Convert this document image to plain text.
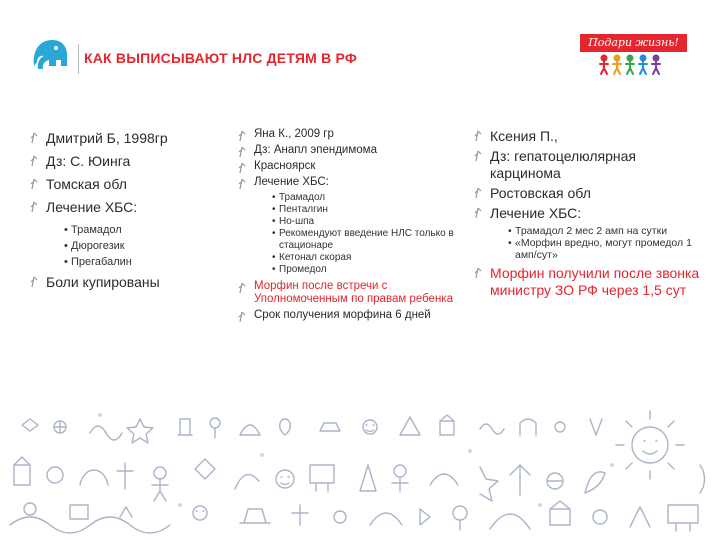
КАК ВЫПИСЫВАЮТ НЛС ДЕТЯМ В РФ
Подари жизнь!
Дмитрий Б, 1998гр
Дз: С. Юинга
Томская обл
Лечение ХБС:
• Трамадол
• Дюрогезик
• Прегабалин
Боли купированы
Яна К., 2009 гр
Дз: Анапл эпендимома
Красноярск
Лечение ХБС:
• Трамадол
• Пенталгин
• Но-шпа
• Рекомендуют введение НЛС только в стационаре
• Кетонал скорая
• Промедол
Морфин после встречи с Уполномоченным по правам ребенка
Срок получения морфина 6 дней
Ксения П.,
Дз: гепатоцелюлярная карцинома
Ростовская обл
Лечение ХБС:
• Трамадол 2 мес 2 амп на сутки
• «Морфин вредно, могут промедол 1 амп/сут»
Морфин получили после звонка министру ЗО РФ через 1,5 сут
